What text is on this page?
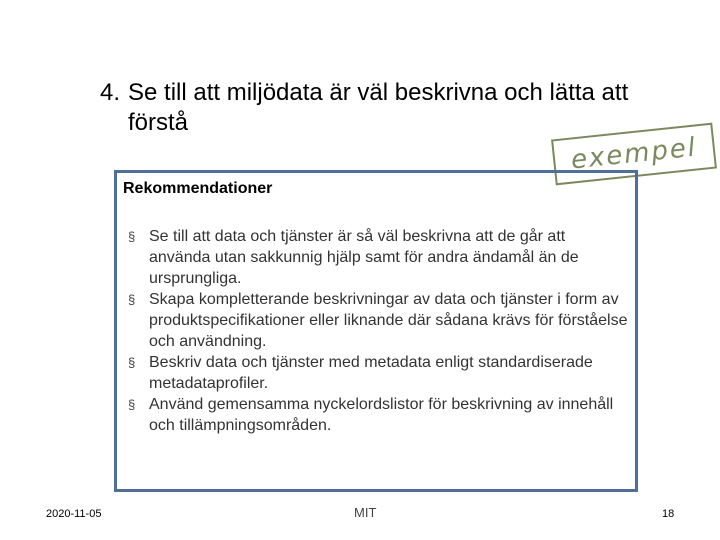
4. Se till att miljödata är väl beskrivna och lätta att förstå
exempel
Rekommendationer
§ Se till att data och tjänster är så väl beskrivna att de går att använda utan sakkunnig hjälp samt för andra ändamål än de ursprungliga.
§ Skapa kompletterande beskrivningar av data och tjänster i form av produktspecifikationer eller liknande där sådana krävs för förståelse och användning.
§ Beskriv data och tjänster med metadata enligt standardiserade metadataprofiler.
§ Använd gemensamma nyckelordslistor för beskrivning av innehåll och tillämpningsområden.
2020-11-05	MIT	18
